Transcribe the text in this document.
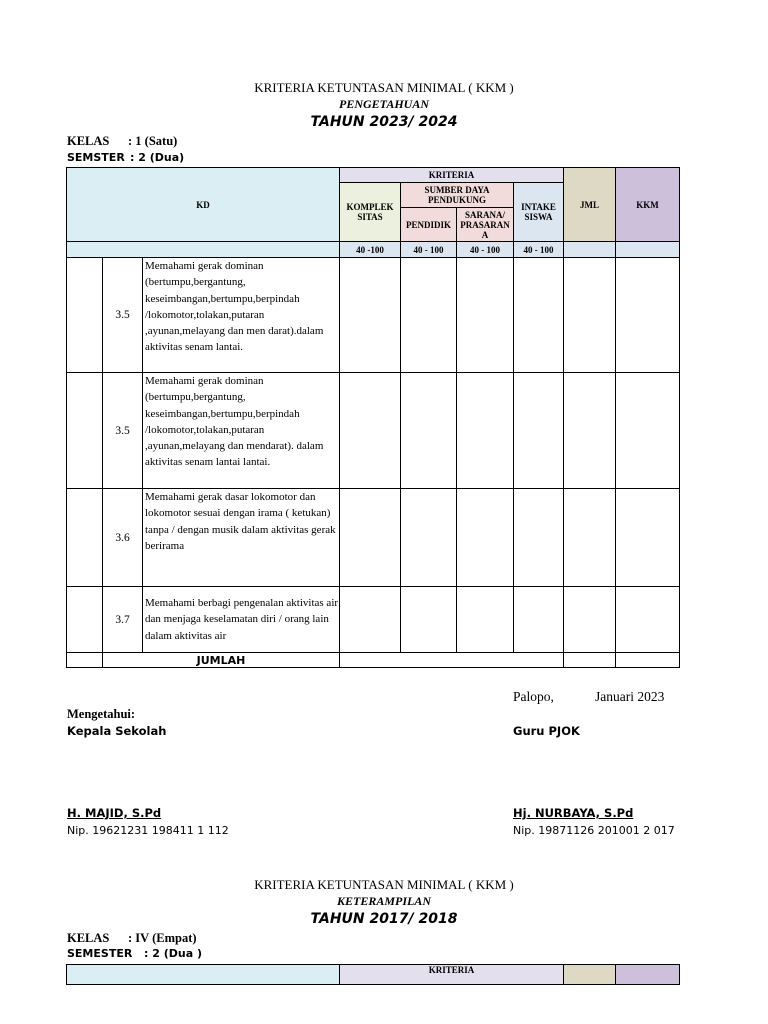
KRITERIA KETUNTASAN MINIMAL ( KKM )
PENGETAHUAN
TAHUN 2023/ 2024
KELAS : 1 (Satu)
SEMSTER : 2 (Dua)
KD			KRITERIA				JML	KKM
			KOMPLEK SITAS	SUMBER DAYA PENDUKUNG		INTAKE SISWA		
				PENDIDIK	SARANA/ PRASARAN A			
			40 -100	40 - 100	40 - 100	40 - 100		
	3.5	Memahami gerak dominan (bertumpu,bergantung, keseimbangan,bertumpu,berpindah /lokomotor,tolakan,putaran ,ayunan,melayang dan men darat).dalam aktivitas senam lantai.						
	3.5	Memahami gerak dominan (bertumpu,bergantung, keseimbangan,bertumpu,berpindah /lokomotor,tolakan,putaran ,ayunan,melayang dan mendarat). dalam aktivitas senam lantai lantai.						
	3.6	Memahami gerak dasar lokomotor dan lokomotor sesuai dengan irama ( ketukan) tanpa / dengan musik dalam aktivitas gerak berirama						
	3.7	Memahami berbagi pengenalan aktivitas air dan menjaga keselamatan diri / orang lain dalam aktivitas air						
	JUMLAH							
Palopo,	Januari 2023
Mengetahui:
Kepala Sekolah	Guru PJOK
H. MAJID, S.Pd
Nip. 19621231 198411 1 112
Hj. NURBAYA, S.Pd
Nip. 19871126 201001 2 017
KRITERIA KETUNTASAN MINIMAL ( KKM )
KETERAMPILAN
TAHUN 2017/ 2018
KELAS : IV (Empat)
SEMESTER : 2 (Dua )
	KRITERIA		
